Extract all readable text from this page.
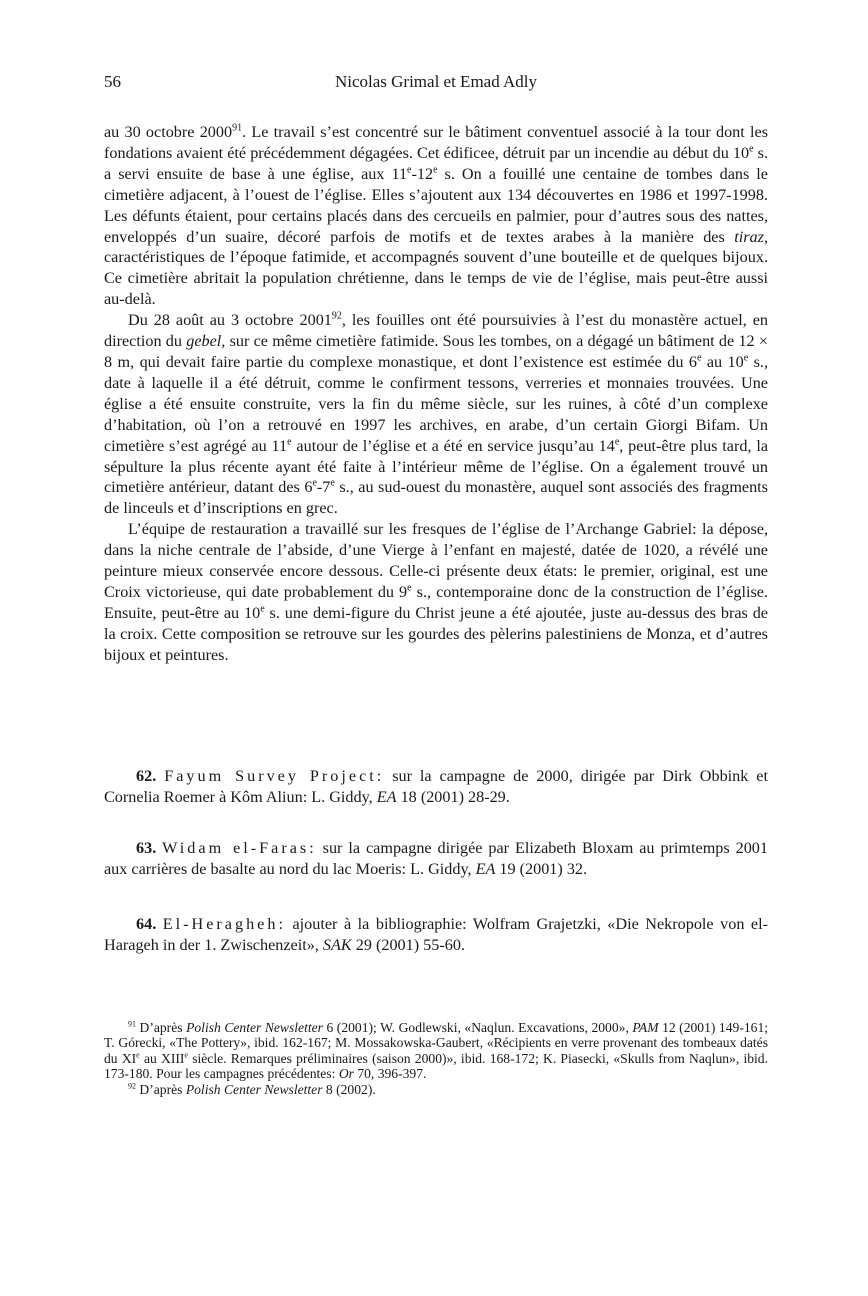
56	Nicolas Grimal et Emad Adly

au 30 octobre 2000$^{91}$. Le travail s’est concentré sur le bâtiment conventuel associé à la tour dont les fondations avaient été précédemment dégagées. Cet édificee, détruit par un incendie au début du 10e s. a servi ensuite de base à une église, aux 11e-12e s. On a fouillé une centaine de tombes dans le cimetière adjacent, à l’ouest de l’église. Elles s’ajoutent aux 134 découvertes en 1986 et 1997-1998. Les défunts étaient, pour certains placés dans des cercueils en palmier, pour d’autres sous des nattes, enveloppés d’un suaire, décoré parfois de motifs et de textes arabes à la manière des tiraz, caractéristiques de l’époque fatimide, et accompagnés souvent d’une bouteille et de quelques bijoux. Ce cimetière abritait la population chrétienne, dans le temps de vie de l’église, mais peut-être aussi au-delà.

Du 28 août au 3 octobre 2001$^{92}$, les fouilles ont été poursuivies à l’est du monastère actuel, en direction du gebel, sur ce même cimetière fatimide. Sous les tombes, on a dégagé un bâtiment de 12 × 8 m, qui devait faire partie du complexe monastique, et dont l’existence est estimée du 6e au 10e s., date à laquelle il a été détruit, comme le confirment tessons, verreries et monnaies trouvées. Une église a été ensuite construite, vers la fin du même siècle, sur les ruines, à côté d’un complexe d’habitation, où l’on a retrouvé en 1997 les archives, en arabe, d’un certain Giorgi Bifam. Un cimetière s’est agrégé au 11e autour de l’église et a été en service jusqu’au 14e, peut-être plus tard, la sépulture la plus récente ayant été faite à l’intérieur même de l’église. On a également trouvé un cimetière antérieur, datant des 6e-7e s., au sud-ouest du monastère, auquel sont associés des fragments de linceuls et d’inscriptions en grec.

L’équipe de restauration a travaillé sur les fresques de l’église de l’Archange Gabriel: la dépose, dans la niche centrale de l’abside, d’une Vierge à l’enfant en majesté, datée de 1020, a révélé une peinture mieux conservée encore dessous. Celle-ci présente deux états: le premier, original, est une Croix victorieuse, qui date probablement du 9e s., contemporaine donc de la construction de l’église. Ensuite, peut-être au 10e s. une demi-figure du Christ jeune a été ajoutée, juste au-dessus des bras de la croix. Cette composition se retrouve sur les gourdes des pèlerins palestiniens de Monza, et d’autres bijoux et peintures.

62. Fayum Survey Project: sur la campagne de 2000, dirigée par Dirk Obbink et Cornelia Roemer à Kôm Aliun: L. Giddy, EA 18 (2001) 28-29.
63. Widam el-Faras: sur la campagne dirigée par Elizabeth Bloxam au primtemps 2001 aux carrières de basalte au nord du lac Moeris: L. Giddy, EA 19 (2001) 32.
64. El-Heragheh: ajouter à la bibliographie: Wolfram Grajetzki, «Die Nekropole von el-Harageh in der 1. Zwischenzeit», SAK 29 (2001) 55-60.

$^{91}$ D’après Polish Center Newsletter 6 (2001); W. Godlewski, «Naqlun. Excavations, 2000», PAM 12 (2001) 149-161; T. Górecki, «The Pottery», ibid. 162-167; M. Mossakowska-Gaubert, «Récipients en verre provenant des tombeaux datés du XIe au XIIIe siècle. Remarques préliminaires (saison 2000)», ibid. 168-172; K. Piasecki, «Skulls from Naqlun», ibid. 173-180. Pour les campagnes précédentes: Or 70, 396-397.

$^{92}$ D’après Polish Center Newsletter 8 (2002).
